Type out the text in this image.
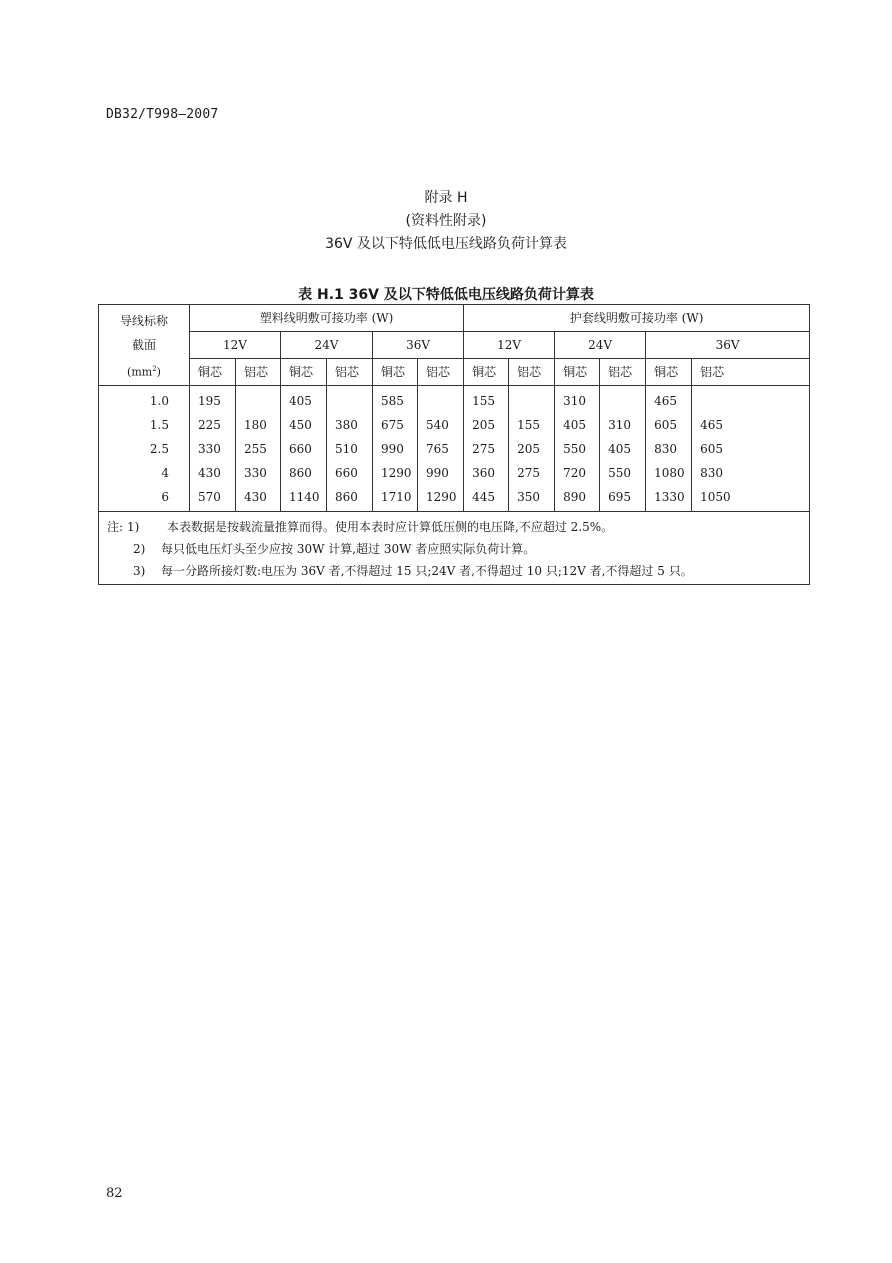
DB32/T998—2007
附录 H
(资料性附录)
36V 及以下特低低电压线路负荷计算表
表 H.1 36V 及以下特低低电压线路负荷计算表
导线标称
截面
$(mm^2)$	塑料线明敷可接功率 (W)						护套线明敷可接功率 (W)					
	12V		24V		36V		12V		24V		36V	
	铜芯	铝芯	铜芯	铝芯	铜芯	铝芯	铜芯	铝芯	铜芯	铝芯	铜芯	铝芯
1.0	195		405		585		155		310		465	
1.5	225	180	450	380	675	540	205	155	405	310	605	465
2.5	330	255	660	510	990	765	275	205	550	405	830	605
4	430	330	860	660	1290	990	360	275	720	550	1080	830
6	570	430	1140	860	1710	1290	445	350	890	695	1330	1050

注: 1) 本表数据是按载流量推算而得。使用本表时应计算低压侧的电压降,不应超过 2.5%。
2) 每只低电压灯头至少应按 30W 计算,超过 30W 者应照实际负荷计算。
3) 每一分路所接灯数:电压为 36V 者,不得超过 15 只;24V 者,不得超过 10 只;12V 者,不得超过 5 只。												
82
